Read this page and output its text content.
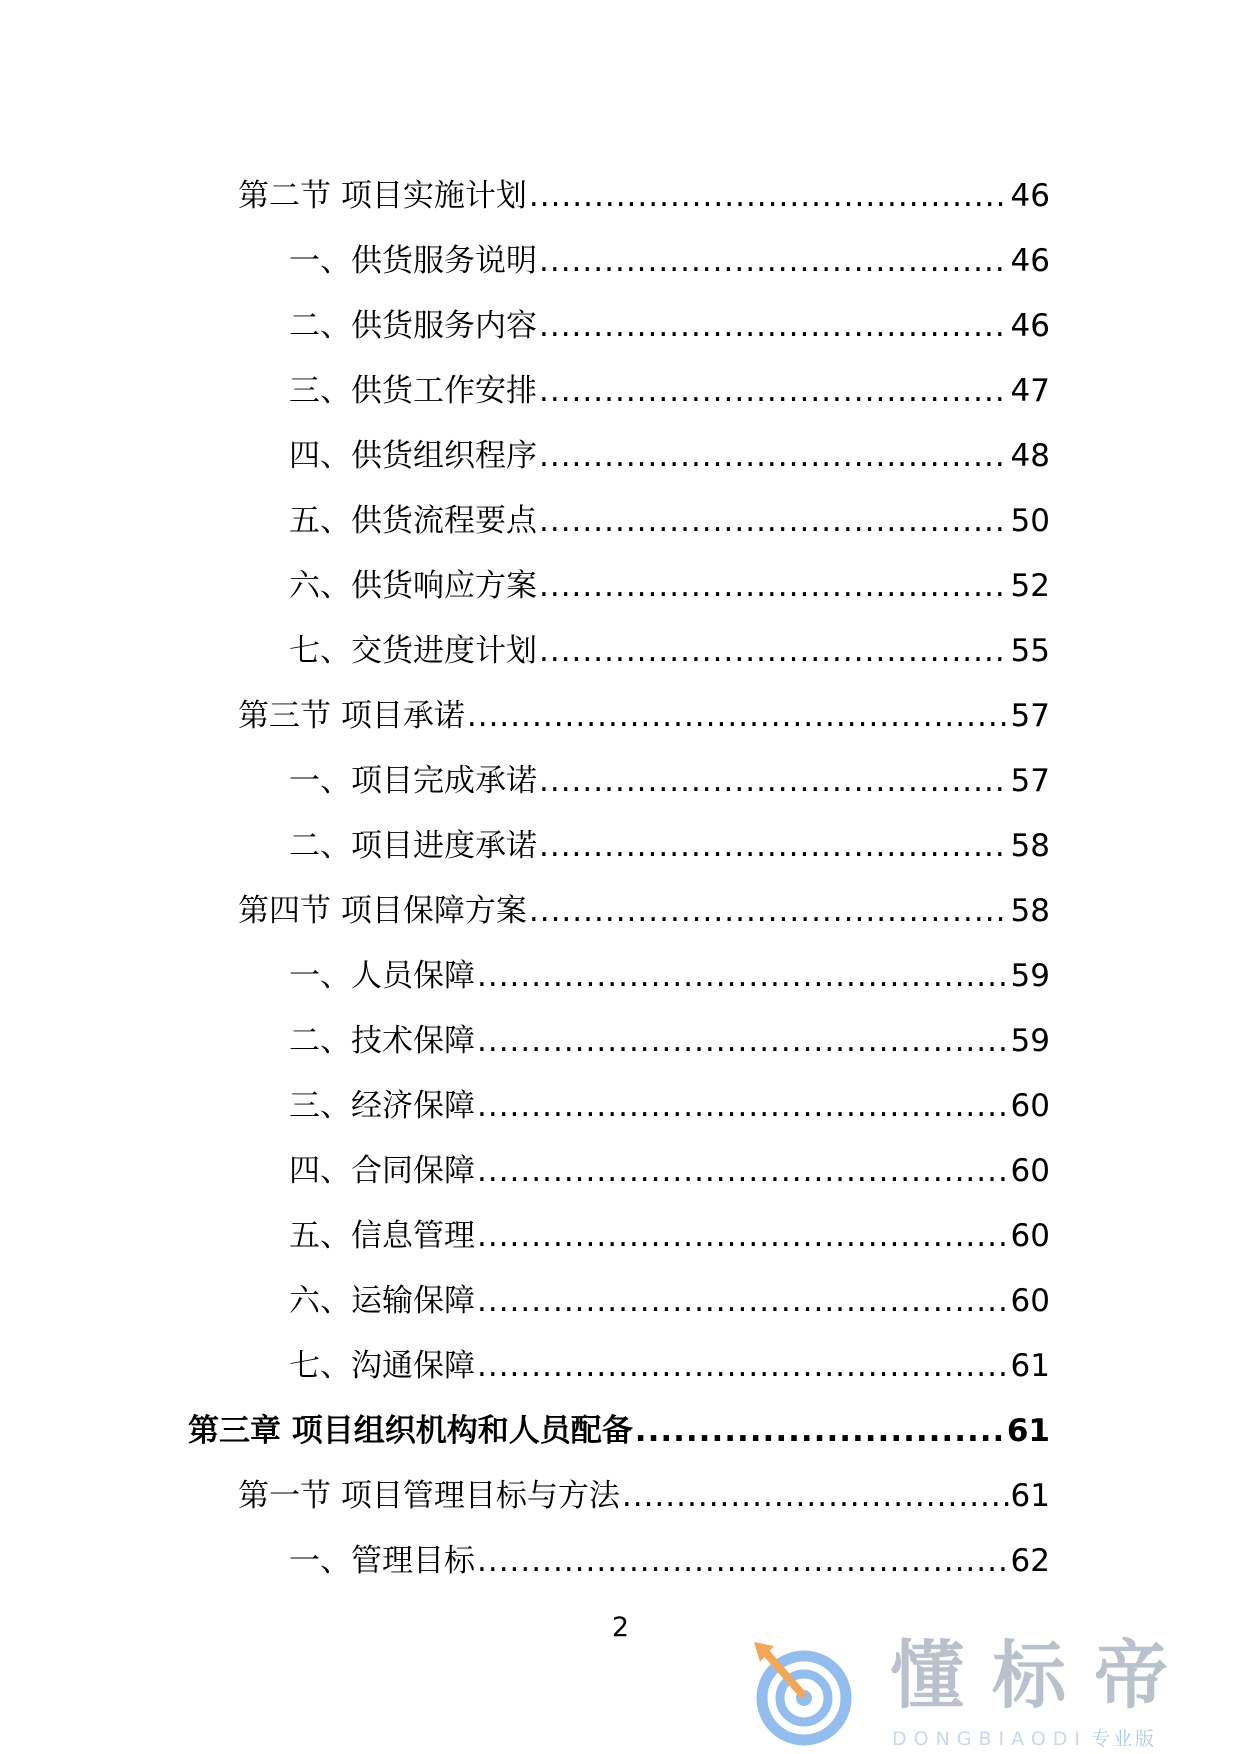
第二节 项目实施计划 .....	46
一、供货服务说明 .....	46
二、供货服务内容 .....	46
三、供货工作安排 .....	47
四、供货组织程序 .....	48
五、供货流程要点 .....	50
六、供货响应方案 .....	52
七、交货进度计划 .....	55
第三节 项目承诺 .....	57
一、项目完成承诺 .....	57
二、项目进度承诺 .....	58
第四节 项目保障方案 .....	58
一、人员保障 .....	59
二、技术保障 .....	59
三、经济保障 .....	60
四、合同保障 .....	60
五、信息管理 .....	60
六、运输保障 .....	60
七、沟通保障 .....	61
第三章 项目组织机构和人员配备 .....	61
第一节 项目管理目标与方法 .....	61
一、管理目标 .....	62
2
懂标帝
DONGBIAODI 专业版
